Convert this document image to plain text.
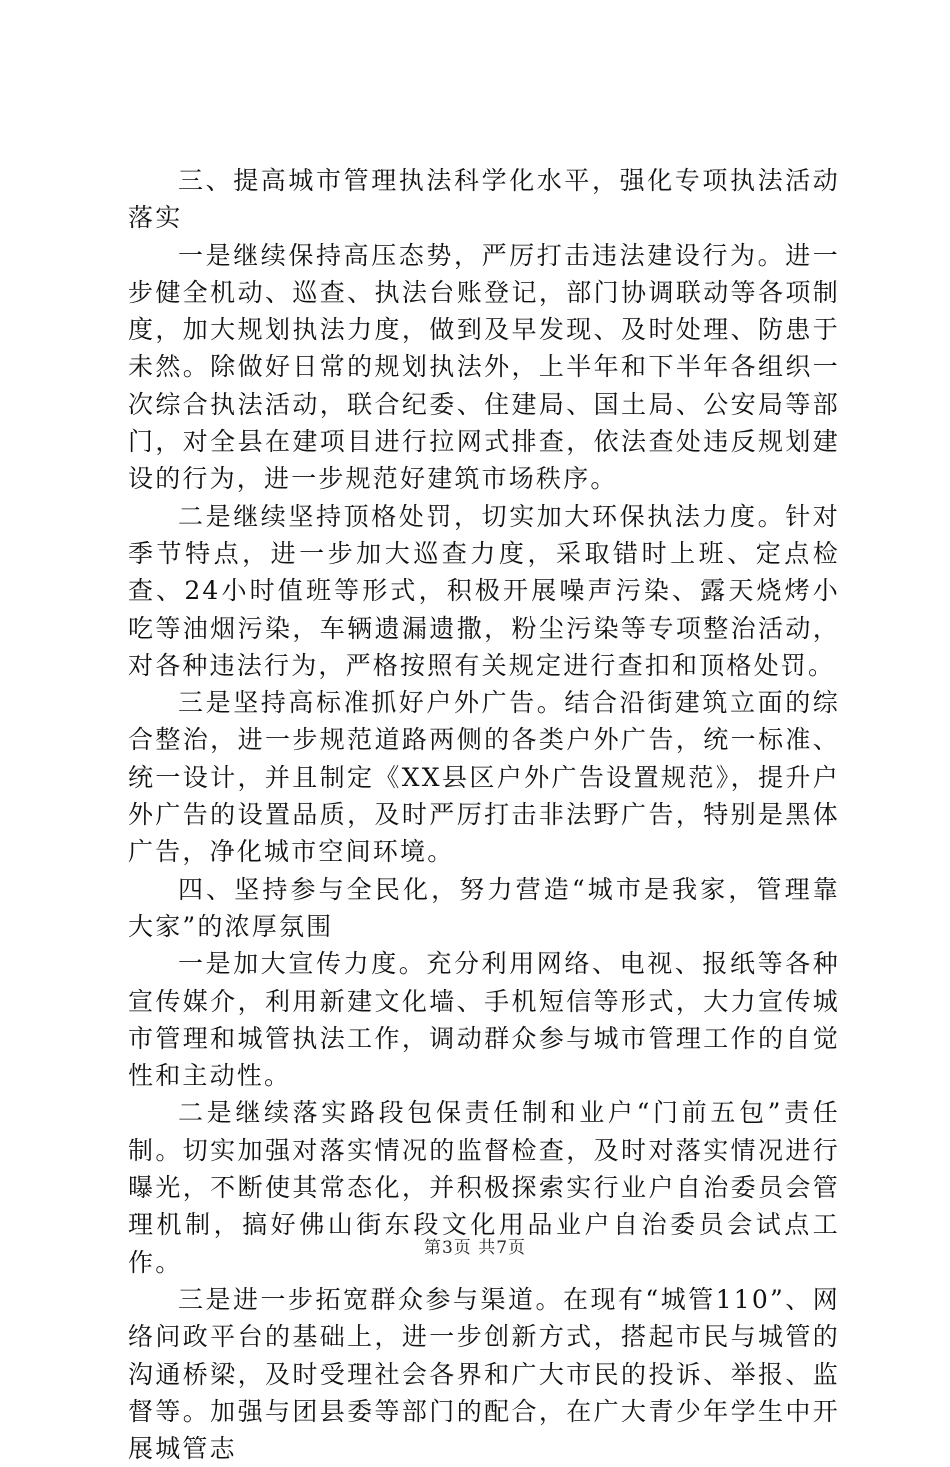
三、提高城市管理执法科学化水平，强化专项执法活动落实

一是继续保持高压态势，严厉打击违法建设行为。进一步健全机动、巡查、执法台账登记，部门协调联动等各项制度，加大规划执法力度，做到及早发现、及时处理、防患于未然。除做好日常的规划执法外，上半年和下半年各组织一次综合执法活动，联合纪委、住建局、国土局、公安局等部门，对全县在建项目进行拉网式排查，依法查处违反规划建设的行为，进一步规范好建筑市场秩序。

二是继续坚持顶格处罚，切实加大环保执法力度。针对季节特点，进一步加大巡查力度，采取错时上班、定点检查、24小时值班等形式，积极开展噪声污染、露天烧烤小吃等油烟污染，车辆遗漏遗撒，粉尘污染等专项整治活动，对各种违法行为，严格按照有关规定进行查扣和顶格处罚。

三是坚持高标准抓好户外广告。结合沿街建筑立面的综合整治，进一步规范道路两侧的各类户外广告，统一标准、统一设计，并且制定《XX县区户外广告设置规范》，提升户外广告的设置品质，及时严厉打击非法野广告，特别是黑体广告，净化城市空间环境。

四、坚持参与全民化，努力营造“城市是我家，管理靠大家”的浓厚氛围

一是加大宣传力度。充分利用网络、电视、报纸等各种宣传媒介，利用新建文化墙、手机短信等形式，大力宣传城市管理和城管执法工作，调动群众参与城市管理工作的自觉性和主动性。

二是继续落实路段包保责任制和业户“门前五包”责任制。切实加强对落实情况的监督检查，及时对落实情况进行曝光，不断使其常态化，并积极探索实行业户自治委员会管理机制，搞好佛山街东段文化用品业户自治委员会试点工作。

三是进一步拓宽群众参与渠道。在现有“城管110”、网络问政平台的基础上，进一步创新方式，搭起市民与城管的沟通桥梁，及时受理社会各界和广大市民的投诉、举报、监督等。加强与团县委等部门的配合，在广大青少年学生中开展城管志

第3页 共7页
